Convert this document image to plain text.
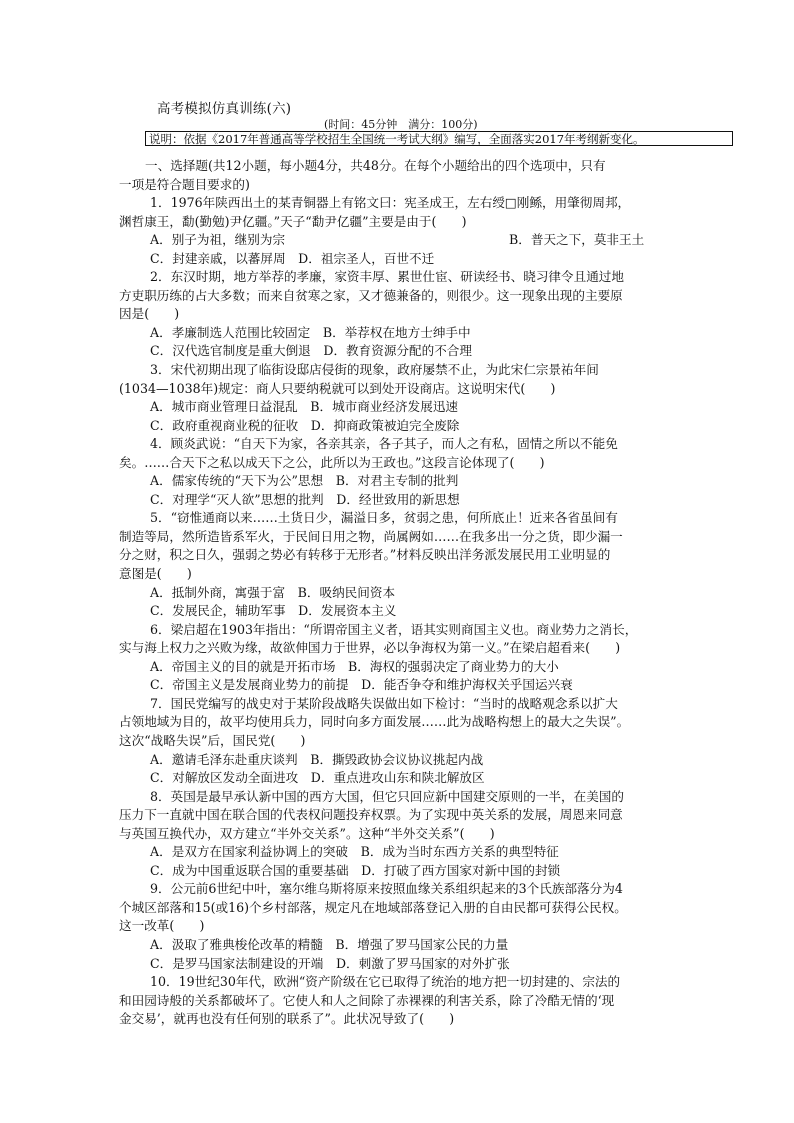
高考模拟仿真训练(六)
(时间：45分钟　满分：100分)
说明：依据《2017年普通高等学校招生全国统一考试大纲》编写，全面落实2017年考纲新变化。
一、选择题(共12小题，每小题4分，共48分。在每个小题给出的四个选项中，只有
一项是符合题目要求的)
1．1976年陕西出土的某青铜器上有铭文曰：宪圣成王，左右绶□刚鲧，用肇彻周邦，
渊哲康王，勫(勤勉)尹亿疆。”天子“勫尹亿疆”主要是由于(　　)
A．别子为祖，继别为宗	B．普天之下，莫非王土
C．封建亲戚，以蕃屏周　D．祖宗圣人，百世不迁
2．东汉时期，地方举荐的孝廉，家资丰厚、累世仕宦、研读经书、晓习律令且通过地
方吏职历练的占大多数；而来自贫寒之家，又才德兼备的，则很少。这一现象出现的主要原
因是(　　)
A．孝廉制选人范围比较固定　B．举荐权在地方士绅手中
C．汉代选官制度是重大倒退　D．教育资源分配的不合理
3．宋代初期出现了临街设邸店侵街的现象，政府屡禁不止，为此宋仁宗景祐年间
(1034—1038年)规定：商人只要纳税就可以到处开设商店。这说明宋代(　　)
A．城市商业管理日益混乱　B．城市商业经济发展迅速
C．政府重视商业税的征收　D．抑商政策被迫完全废除
4．顾炎武说：“自天下为家，各亲其亲，各子其子，而人之有私，固情之所以不能免
矣。……合天下之私以成天下之公，此所以为王政也。”这段言论体现了(　　)
A．儒家传统的“天下为公”思想　B．对君主专制的批判
C．对理学“灭人欲”思想的批判　D．经世致用的新思想
5．“窃惟通商以来……土货日少，漏溢日多，贫弱之患，何所底止！近来各省虽间有
制造等局，然所造皆系军火，于民间日用之物，尚属阙如……在我多出一分之货，即少漏一
分之财，积之日久，强弱之势必有转移于无形者。”材料反映出洋务派发展民用工业明显的
意图是(　　)
A．抵制外商，寓强于富　B．吸纳民间资本
C．发展民企，辅助军事　D．发展资本主义
6．梁启超在1903年指出：“所谓帝国主义者，语其实则商国主义也。商业势力之消长，
实与海上权力之兴败为缘，故欲伸国力于世界，必以争海权为第一义。”在梁启超看来(　　)
A．帝国主义的目的就是开拓市场　B．海权的强弱决定了商业势力的大小
C．帝国主义是发展商业势力的前提　D．能否争夺和维护海权关乎国运兴衰
7．国民党编写的战史对于某阶段战略失误做出如下检讨：“当时的战略观念系以扩大
占领地域为目的，故平均使用兵力，同时向多方面发展……此为战略构想上的最大之失误”。
这次“战略失误”后，国民党(　　)
A．邀请毛泽东赴重庆谈判　B．撕毁政协会议协议挑起内战
C．对解放区发动全面进攻　D．重点进攻山东和陕北解放区
8．英国是最早承认新中国的西方大国，但它只回应新中国建交原则的一半，在美国的
压力下一直就中国在联合国的代表权问题投弃权票。为了实现中英关系的发展，周恩来同意
与英国互换代办，双方建立“半外交关系”。这种“半外交关系”(　　)
A．是双方在国家利益协调上的突破　B．成为当时东西方关系的典型特征
C．成为中国重返联合国的重要基础　D．打破了西方国家对新中国的封锁
9．公元前6世纪中叶，塞尔维乌斯将原来按照血缘关系组织起来的3个氏族部落分为4
个城区部落和15(或16)个乡村部落，规定凡在地域部落登记入册的自由民都可获得公民权。
这一改革(　　)
A．汲取了雅典梭伦改革的精髓　B．增强了罗马国家公民的力量
C．是罗马国家法制建设的开端　D．刺激了罗马国家的对外扩张
10．19世纪30年代，欧洲“资产阶级在它已取得了统治的地方把一切封建的、宗法的
和田园诗般的关系都破坏了。它使人和人之间除了赤裸裸的利害关系，除了冷酷无情的‘现
金交易’，就再也没有任何别的联系了”。此状况导致了(　　)
